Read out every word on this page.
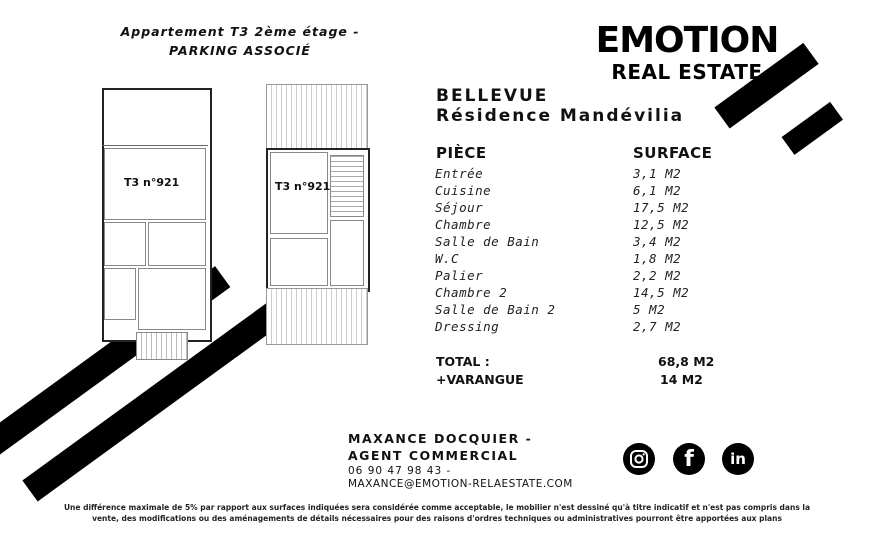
Appartement T3 2ème étage -
PARKING ASSOCIÉ	EMOTION
REAL ESTATE
BELLEVUE
Résidence Mandévilia
T3 n°921	T3 n°921
PIÈCE	SURFACE
Entrée	3,1 M2
Cuisine	6,1 M2
Séjour	17,5 M2
Chambre	12,5 M2
Salle de Bain	3,4 M2
W.C	1,8 M2
Palier	2,2 M2
Chambre 2	14,5 M2
Salle de Bain 2	5 M2
Dressing	2,7 M2
TOTAL :	68,8 M2
+VARANGUE	14 M2
MAXANCE DOCQUIER -
AGENT COMMERCIAL
06 90 47 98 43 -
MAXANCE@EMOTION-RELAESTATE.COM
f	in
Une différence maximale de 5% par rapport aux surfaces indiquées sera considérée comme acceptable, le mobilier n'est dessiné qu'à titre indicatif et n'est pas compris dans la vente, des modifications ou des aménagements de détails nécessaires pour des raisons d'ordres techniques ou administratives pourront être apportées aux plans
